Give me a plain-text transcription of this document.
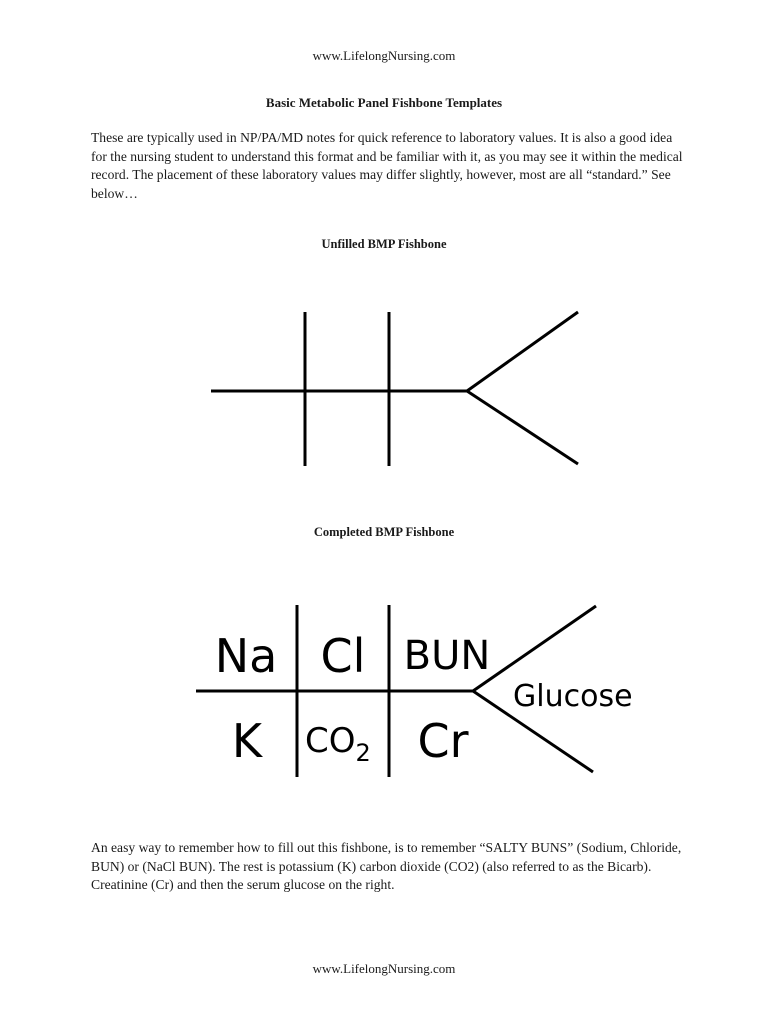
www.LifelongNursing.com
Basic Metabolic Panel Fishbone Templates

These are typically used in NP/PA/MD notes for quick reference to laboratory values. It is also a good idea for the nursing student to understand this format and be familiar with it, as you may see it within the medical record. The placement of these laboratory values may differ slightly, however, most are all “standard.” See below…

Unfilled BMP Fishbone
Completed BMP Fishbone
Na Cl BUN
K $CO_2$ Cr
Glucose

An easy way to remember how to fill out this fishbone, is to remember “SALTY BUNS” (Sodium, Chloride, BUN) or (NaCl BUN). The rest is potassium (K) carbon dioxide (CO2) (also referred to as the Bicarb). Creatinine (Cr) and then the serum glucose on the right.

www.LifelongNursing.com
